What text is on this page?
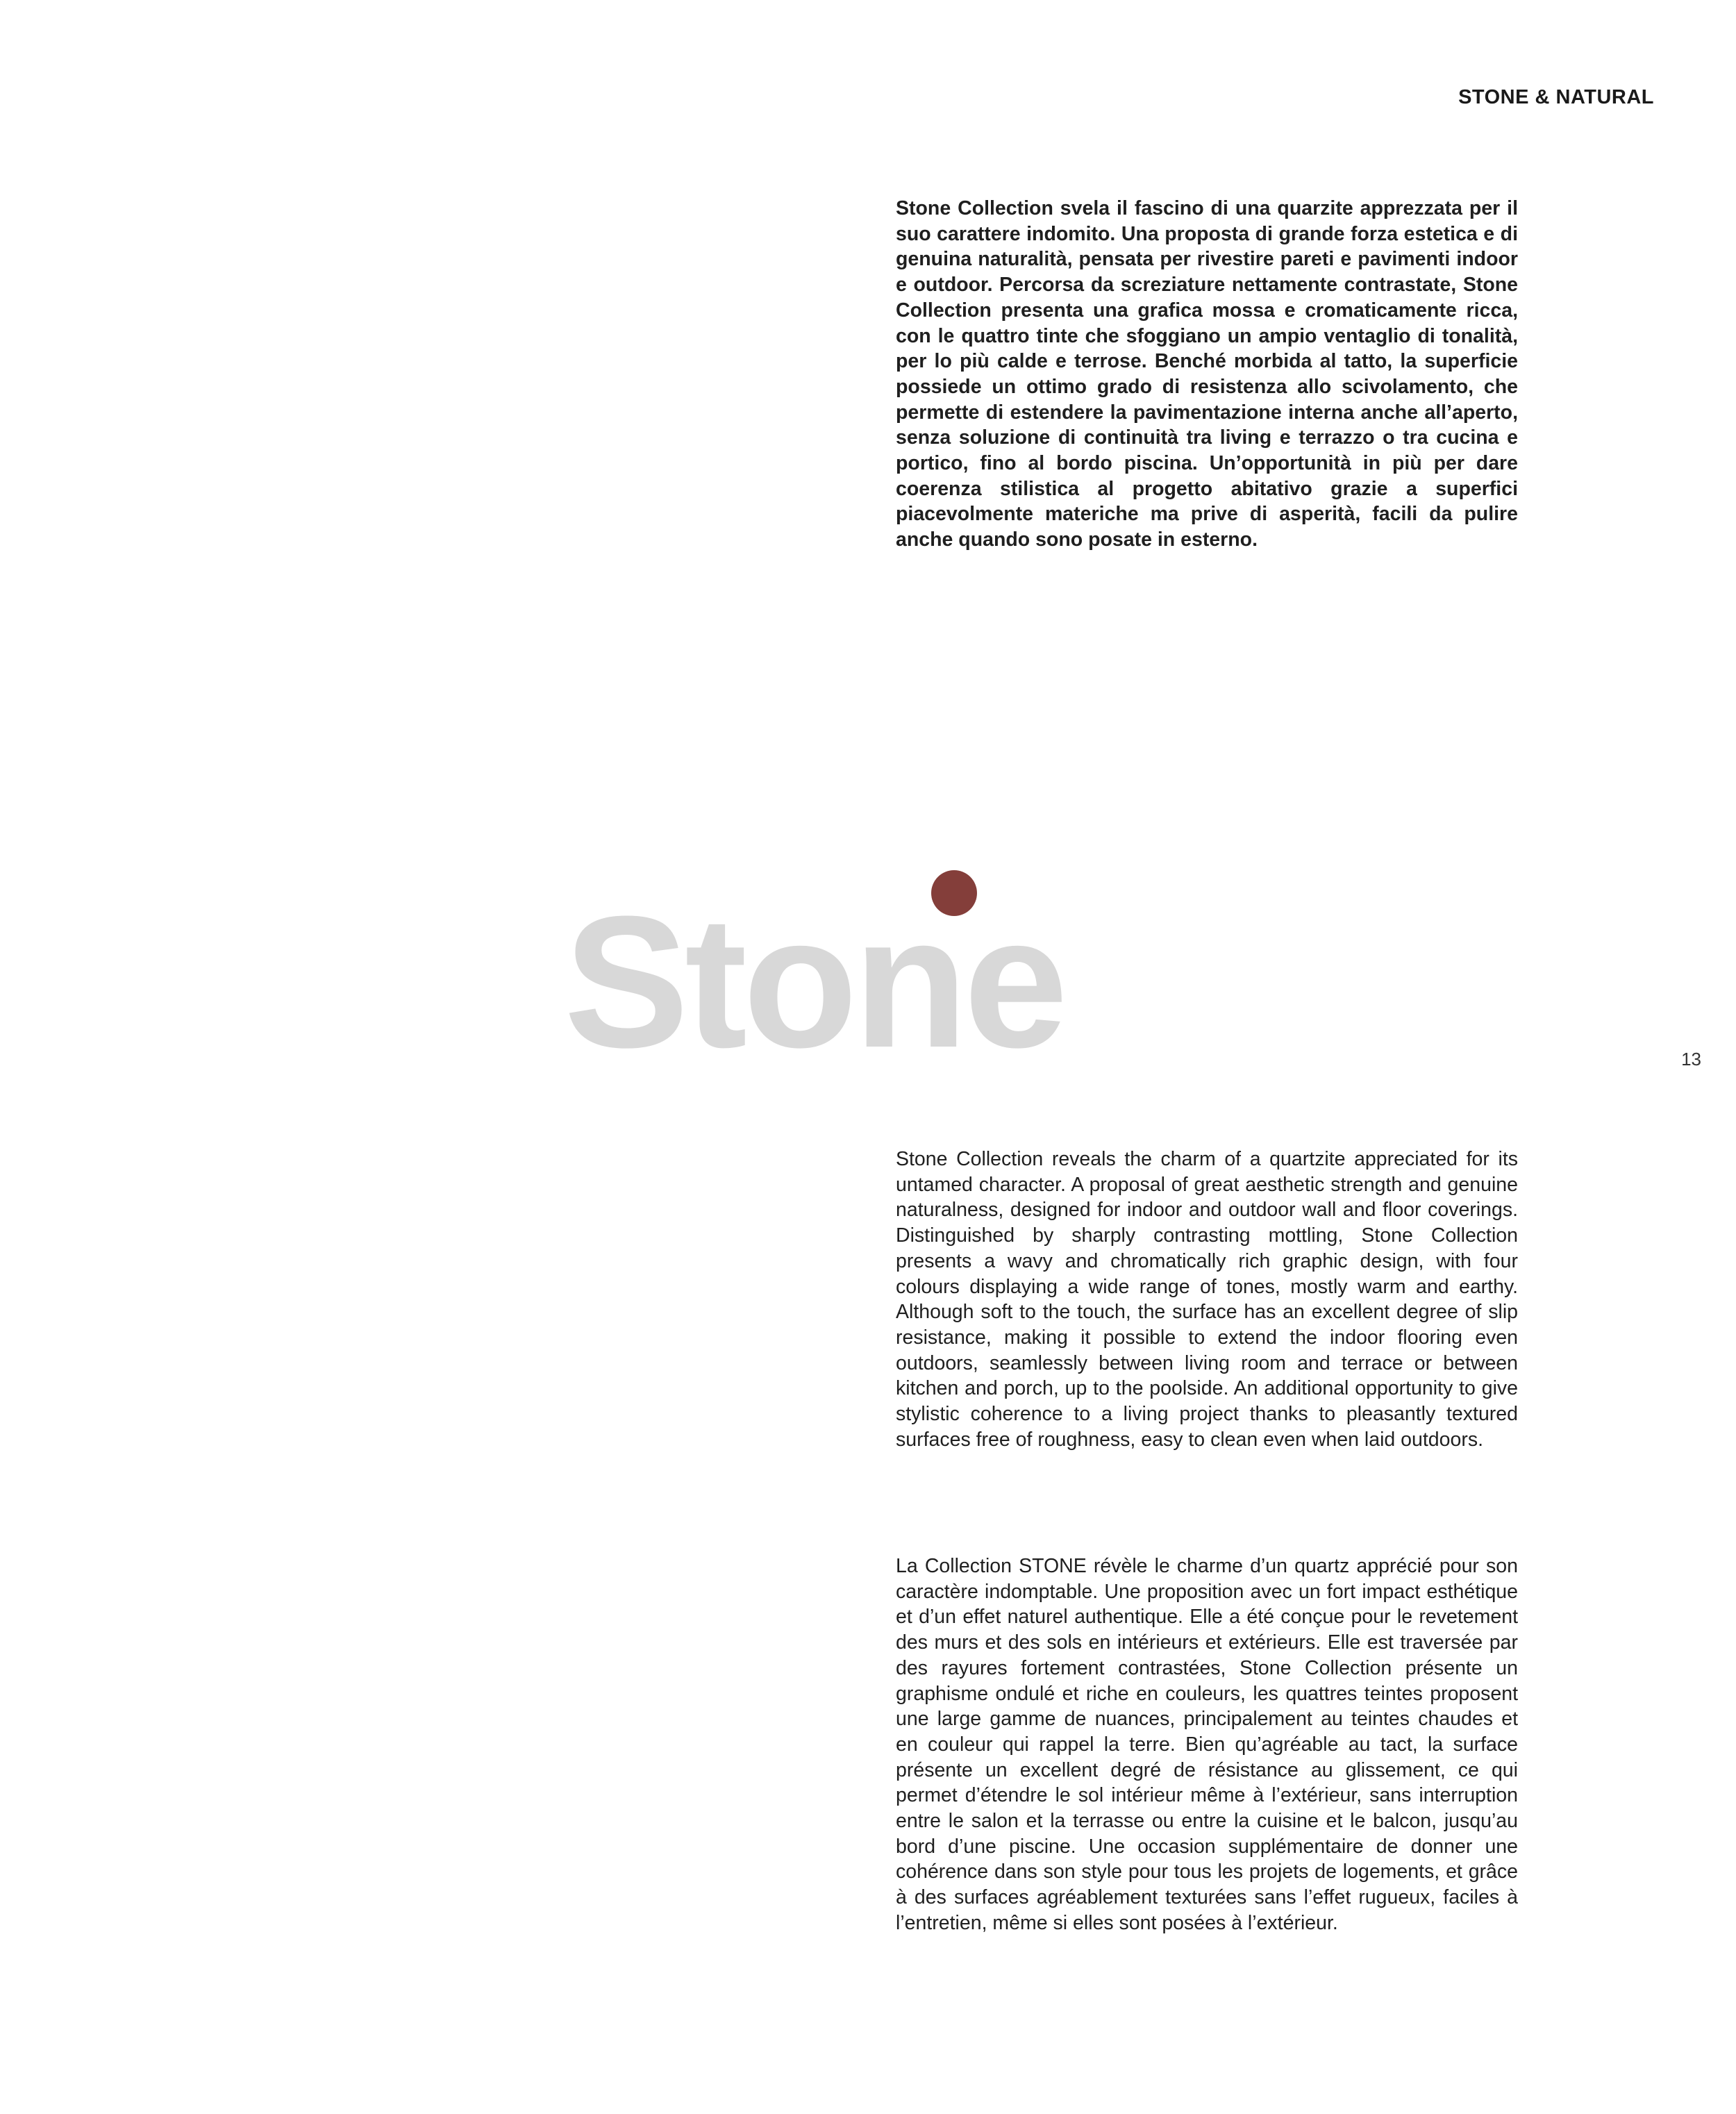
STONE & NATURAL

Stone Collection svela il fascino di una quarzite apprezzata per il suo carattere indomito. Una proposta di grande forza estetica e di genuina naturalità, pensata per rivestire pareti e pavimenti indoor e outdoor. Percorsa da screziature nettamente contrastate, Stone Collection presenta una grafica mossa e cromaticamente ricca, con le quattro tinte che sfoggiano un ampio ventaglio di tonalità, per lo più calde e terrose. Benché morbida al tatto, la superficie possiede un ottimo grado di resistenza allo scivolamento, che permette di estendere la pavimentazione interna anche all’aperto, senza soluzione di continuità tra living e terrazzo o tra cucina e portico, fino al bordo piscina. Un’opportunità in più per dare coerenza stilistica al progetto abitativo grazie a superfici piacevolmente materiche ma prive di asperità, facili da pulire anche quando sono posate in esterno.

Stone	13

Stone Collection reveals the charm of a quartzite appreciated for its untamed character. A proposal of great aesthetic strength and genuine naturalness, designed for indoor and outdoor wall and floor coverings. Distinguished by sharply contrasting mottling, Stone Collection presents a wavy and chromatically rich graphic design, with four colours displaying a wide range of tones, mostly warm and earthy. Although soft to the touch, the surface has an excellent degree of slip resistance, making it possible to extend the indoor flooring even outdoors, seamlessly between living room and terrace or between kitchen and porch, up to the poolside. An additional opportunity to give stylistic coherence to a living project thanks to pleasantly textured surfaces free of roughness, easy to clean even when laid outdoors.

La Collection STONE révèle le charme d’un quartz apprécié pour son caractère indomptable. Une proposition avec un fort impact esthétique et d’un effet naturel authentique. Elle a été conçue pour le revetement des murs et des sols en intérieurs et extérieurs. Elle est traversée par des rayures fortement contrastées, Stone Collection présente un graphisme ondulé et riche en couleurs, les quattres teintes proposent une large gamme de nuances, principalement au teintes chaudes et en couleur qui rappel la terre. Bien qu’agréable au tact, la surface présente un excellent degré de résistance au glissement, ce qui permet d’étendre le sol intérieur même à l’extérieur, sans interruption entre le salon et la terrasse ou entre la cuisine et le balcon, jusqu’au bord d’une piscine. Une occasion supplémentaire de donner une cohérence dans son style pour tous les projets de logements, et grâce à des surfaces agréablement texturées sans l’effet rugueux, faciles à l’entretien, même si elles sont posées à l’extérieur.
